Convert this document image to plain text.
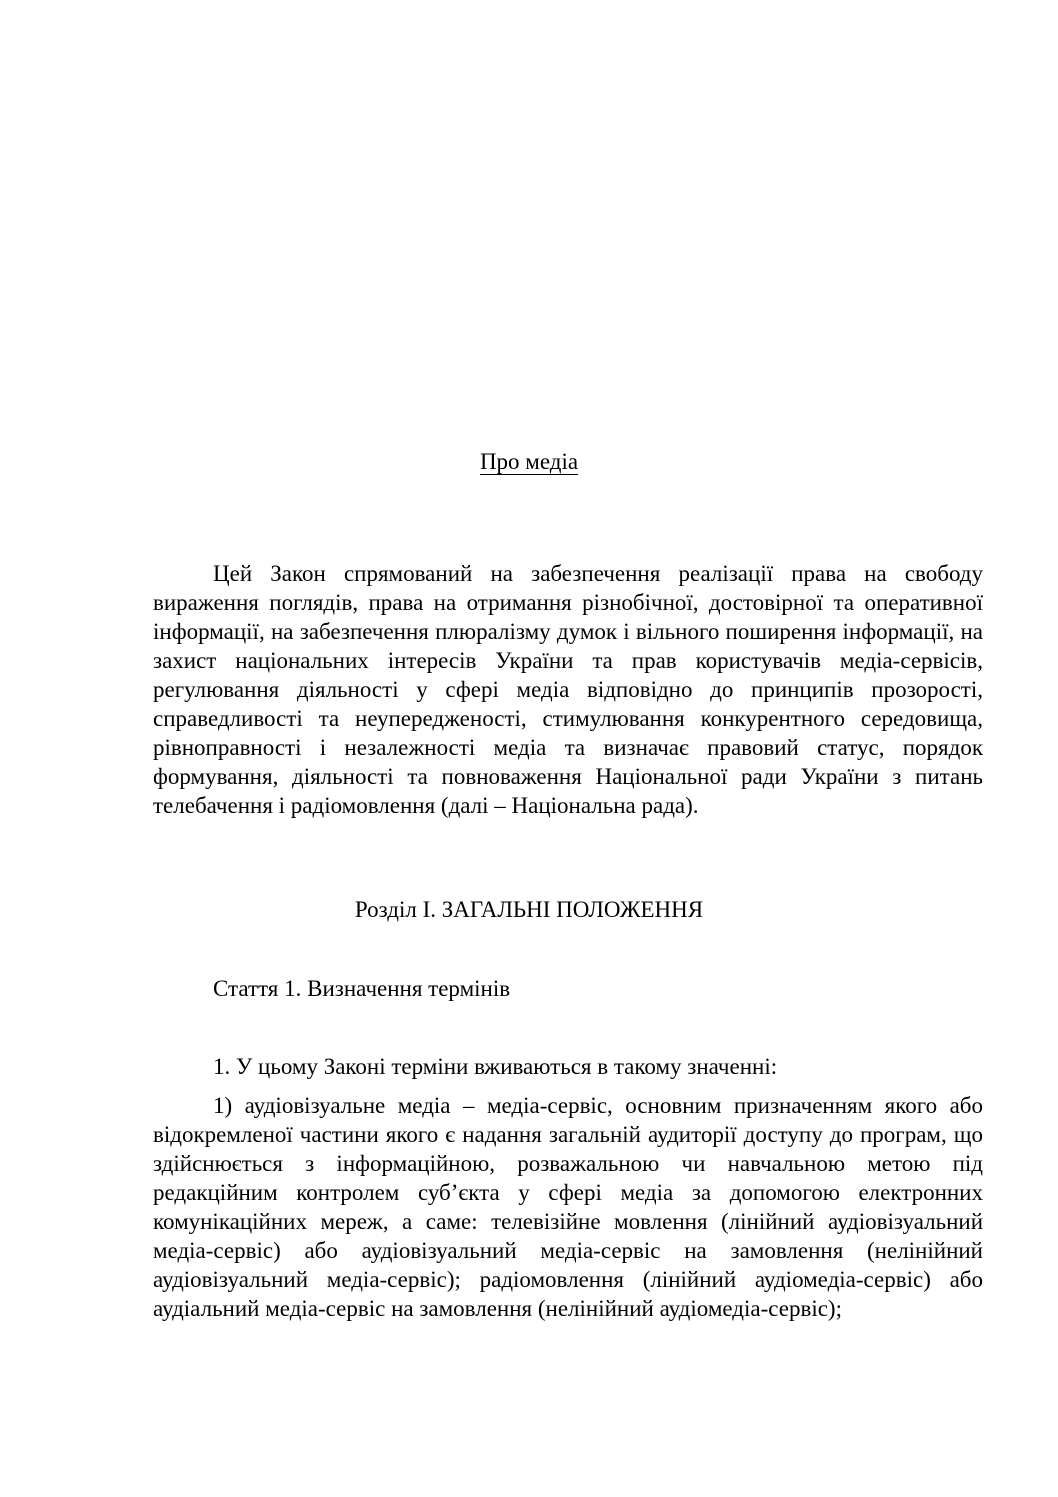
Про медіа

Цей Закон спрямований на забезпечення реалізації права на свободу вираження поглядів, права на отримання різнобічної, достовірної та оперативної інформації, на забезпечення плюралізму думок і вільного поширення інформації, на захист національних інтересів України та прав користувачів медіа-сервісів, регулювання діяльності у сфері медіа відповідно до принципів прозорості, справедливості та неупередженості, стимулювання конкурентного середовища, рівноправності і незалежності медіа та визначає правовий статус, порядок формування, діяльності та повноваження Національної ради України з питань телебачення і радіомовлення (далі – Національна рада).

Розділ І. ЗАГАЛЬНІ ПОЛОЖЕННЯ
Стаття 1. Визначення термінів

1. У цьому Законі терміни вживаються в такому значенні:

1) аудіовізуальне медіа – медіа-сервіс, основним призначенням якого або відокремленої частини якого є надання загальній аудиторії доступу до програм, що здійснюється з інформаційною, розважальною чи навчальною метою під редакційним контролем суб’єкта у сфері медіа за допомогою електронних комунікаційних мереж, а саме: телевізійне мовлення (лінійний аудіовізуальний медіа-сервіс) або аудіовізуальний медіа-сервіс на замовлення (нелінійний аудіовізуальний медіа-сервіс); радіомовлення (лінійний аудіомедіа-сервіс) або аудіальний медіа-сервіс на замовлення (нелінійний аудіомедіа-сервіс);
